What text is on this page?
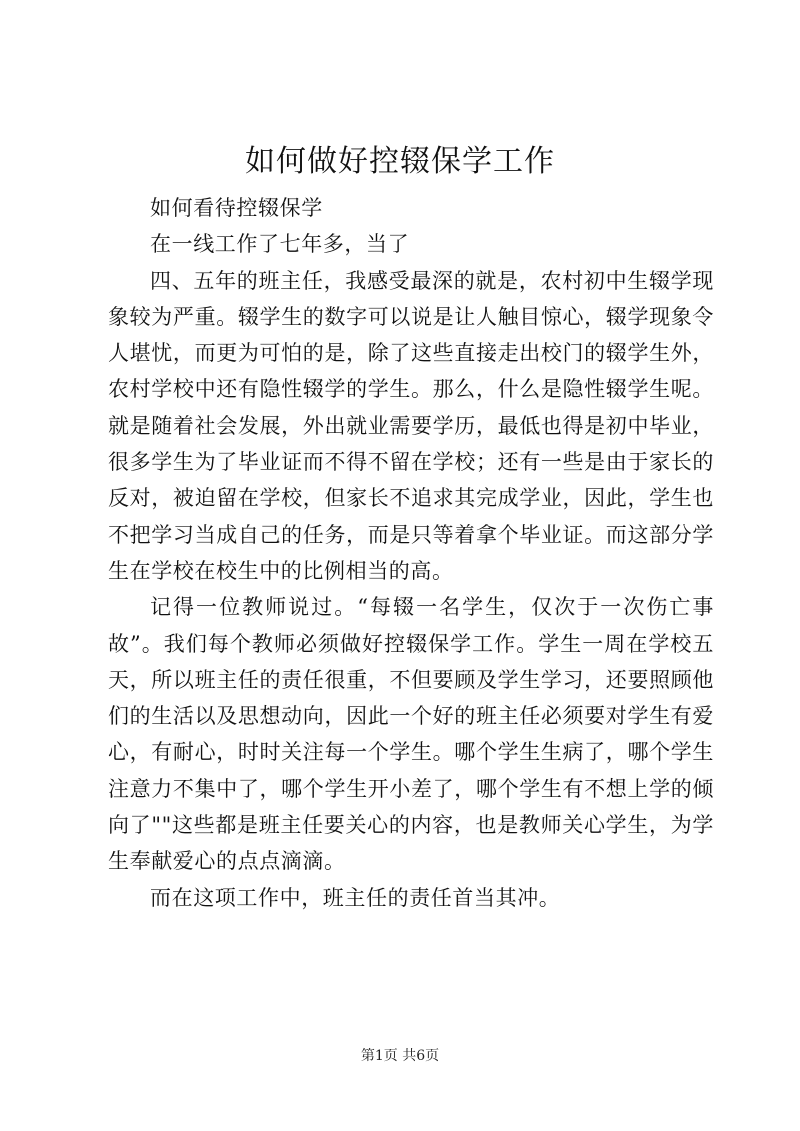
如何做好控辍保学工作

如何看待控辍保学

在一线工作了七年多，当了

四、五年的班主任，我感受最深的就是，农村初中生辍学现象较为严重。辍学生的数字可以说是让人触目惊心，辍学现象令人堪忧，而更为可怕的是，除了这些直接走出校门的辍学生外，农村学校中还有隐性辍学的学生。那么，什么是隐性辍学生呢。就是随着社会发展，外出就业需要学历，最低也得是初中毕业，很多学生为了毕业证而不得不留在学校；还有一些是由于家长的反对，被迫留在学校，但家长不追求其完成学业，因此，学生也不把学习当成自己的任务，而是只等着拿个毕业证。而这部分学生在学校在校生中的比例相当的高。

记得一位教师说过。“每辍一名学生，仅次于一次伤亡事故”。我们每个教师必须做好控辍保学工作。学生一周在学校五天，所以班主任的责任很重，不但要顾及学生学习，还要照顾他们的生活以及思想动向，因此一个好的班主任必须要对学生有爱心，有耐心，时时关注每一个学生。哪个学生生病了，哪个学生注意力不集中了，哪个学生开小差了，哪个学生有不想上学的倾向了""这些都是班主任要关心的内容，也是教师关心学生，为学生奉献爱心的点点滴滴。

而在这项工作中，班主任的责任首当其冲。

第1页 共6页
